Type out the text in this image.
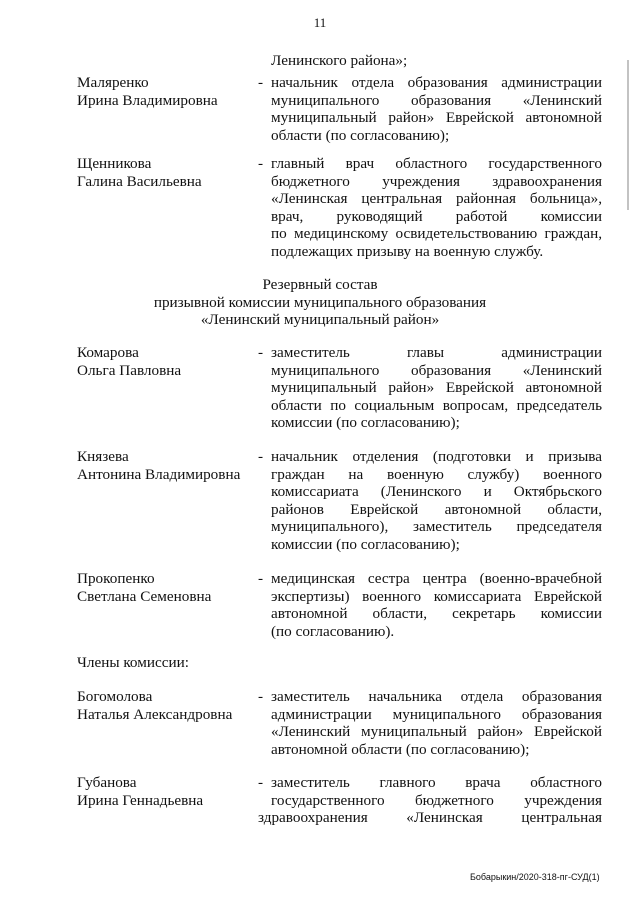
11
Ленинского района»;
Маляренко
Ирина Владимировна
- начальник отдела образования администрации
муниципального образования «Ленинский
муниципальный район» Еврейской автономной
области (по согласованию);
Щенникова
Галина Васильевна
- главный врач областного государственного
бюджетного учреждения здравоохранения
«Ленинская центральная районная больница»,
врач, руководящий работой комиссии
по медицинскому освидетельствованию граждан,
подлежащих призыву на военную службу.
Резервный состав
призывной комиссии муниципального образования
«Ленинский муниципальный район»
Комарова
Ольга Павловна
- заместитель главы администрации
муниципального образования «Ленинский
муниципальный район» Еврейской автономной
области по социальным вопросам, председатель
комиссии (по согласованию);
Князева
Антонина Владимировна
- начальник отделения (подготовки и призыва
граждан на военную службу) военного
комиссариата (Ленинского и Октябрьского
районов Еврейской автономной области,
муниципального), заместитель председателя
комиссии (по согласованию);
Прокопенко
Светлана Семеновна
- медицинская сестра центра (военно-врачебной
экспертизы) военного комиссариата Еврейской
автономной области, секретарь комиссии
(по согласованию).
Члены комиссии:
Богомолова
Наталья Александровна
- заместитель начальника отдела образования
администрации муниципального образования
«Ленинский муниципальный район» Еврейской
автономной области (по согласованию);
Губанова
Ирина Геннадьевна
- заместитель главного врача областного
государственного бюджетного учреждения
здравоохранения «Ленинская центральная
Бобарыкин/2020-318-пг-СУД(1)
